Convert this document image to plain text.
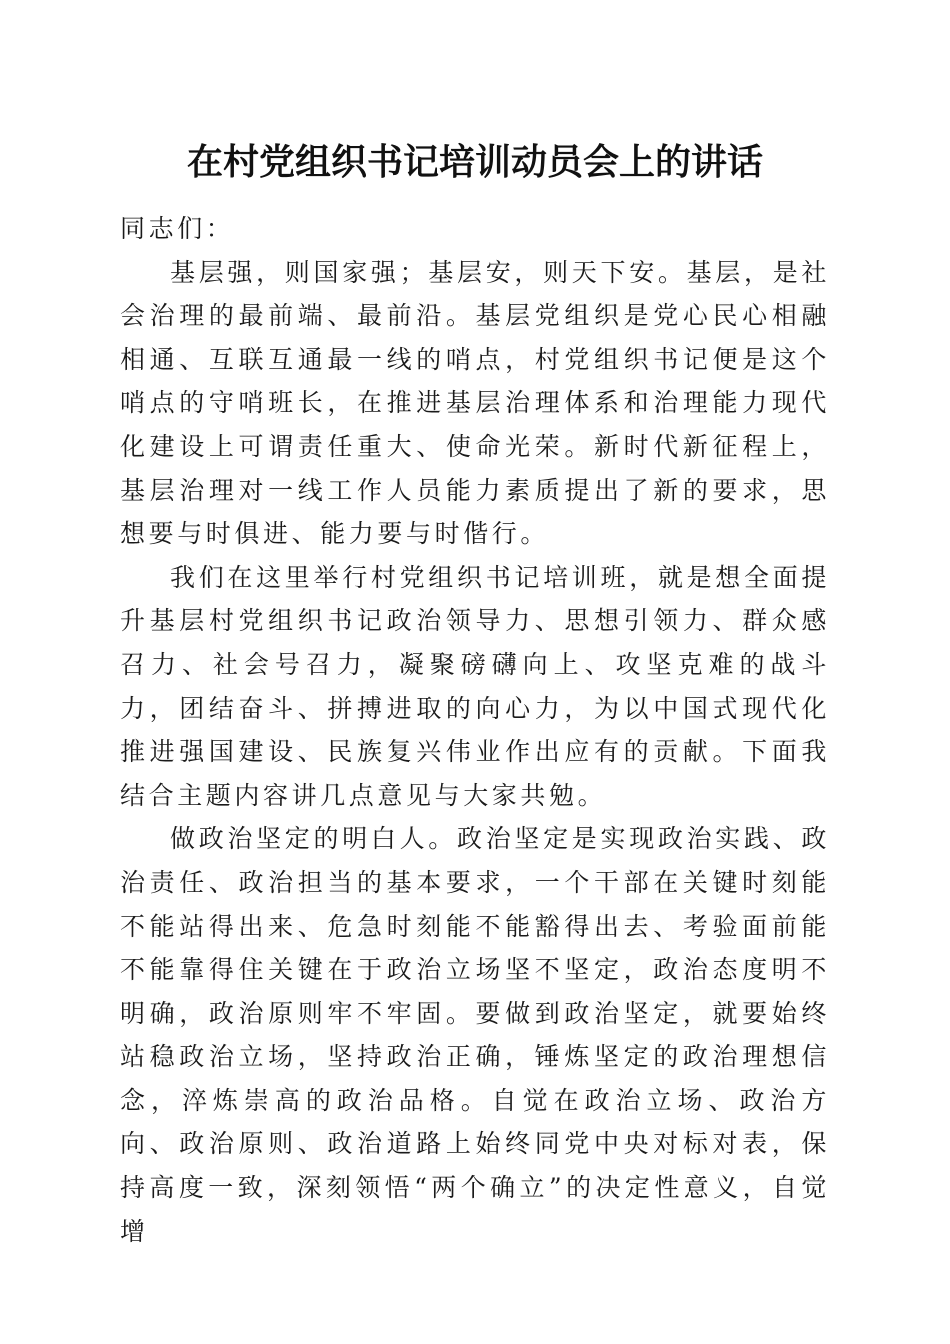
在村党组织书记培训动员会上的讲话

同志们：

基层强，则国家强；基层安，则天下安。基层，是社会治理的最前端、最前沿。基层党组织是党心民心相融相通、互联互通最一线的哨点，村党组织书记便是这个哨点的守哨班长，在推进基层治理体系和治理能力现代化建设上可谓责任重大、使命光荣。新时代新征程上，基层治理对一线工作人员能力素质提出了新的要求，思想要与时俱进、能力要与时偕行。

我们在这里举行村党组织书记培训班，就是想全面提升基层村党组织书记政治领导力、思想引领力、群众感召力、社会号召力，凝聚磅礴向上、攻坚克难的战斗力，团结奋斗、拼搏进取的向心力，为以中国式现代化推进强国建设、民族复兴伟业作出应有的贡献。下面我结合主题内容讲几点意见与大家共勉。

做政治坚定的明白人。政治坚定是实现政治实践、政治责任、政治担当的基本要求，一个干部在关键时刻能不能站得出来、危急时刻能不能豁得出去、考验面前能不能靠得住关键在于政治立场坚不坚定，政治态度明不明确，政治原则牢不牢固。要做到政治坚定，就要始终站稳政治立场，坚持政治正确，锤炼坚定的政治理想信念，淬炼崇高的政治品格。自觉在政治立场、政治方向、政治原则、政治道路上始终同党中央对标对表，保持高度一致，深刻领悟“两个确立”的决定性意义，自觉增
